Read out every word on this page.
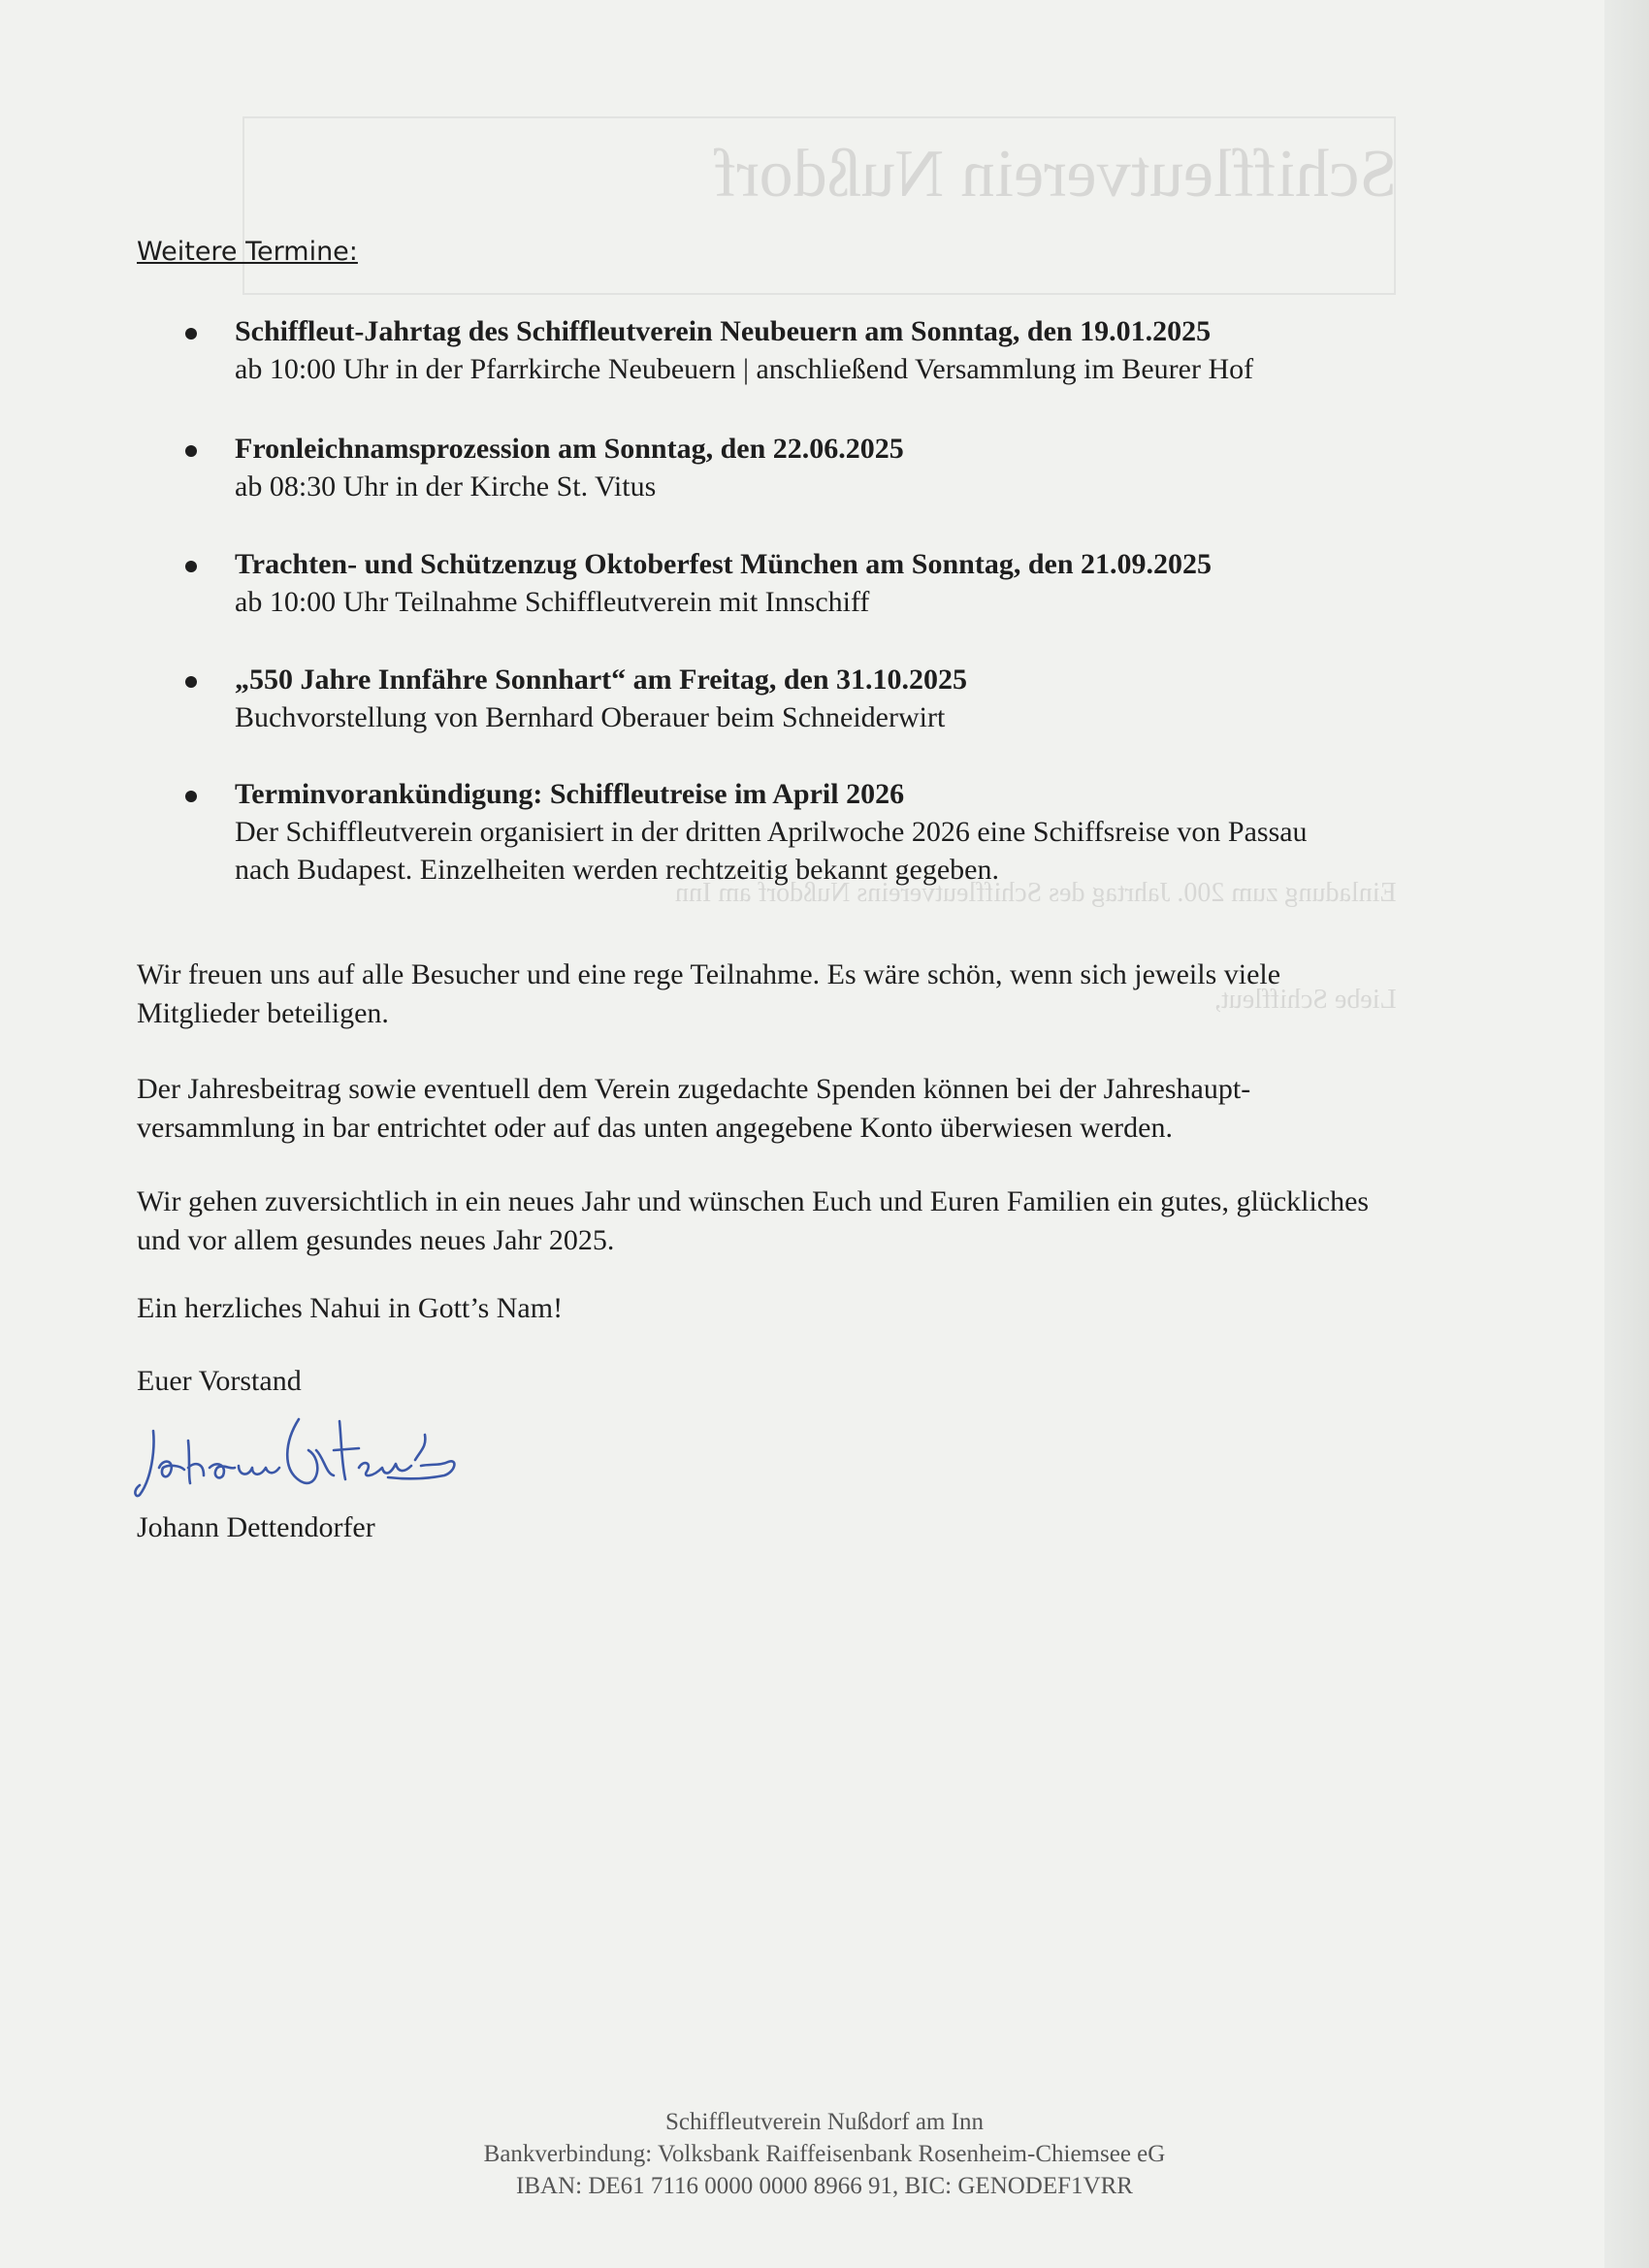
Schiffleutverein Nußdorf
Einladung zum 200. Jahrtag des Schiffleutvereins Nußdorf am Inn
Liebe Schiffleut,
Weitere Termine:
Schiffleut-Jahrtag des Schiffleutverein Neubeuern am Sonntag, den 19.01.2025
ab 10:00 Uhr in der Pfarrkirche Neubeuern | anschließend Versammlung im Beurer Hof
Fronleichnamsprozession am Sonntag, den 22.06.2025
ab 08:30 Uhr in der Kirche St. Vitus
Trachten- und Schützenzug Oktoberfest München am Sonntag, den 21.09.2025
ab 10:00 Uhr Teilnahme Schiffleutverein mit Innschiff
„550 Jahre Innfähre Sonnhart“ am Freitag, den 31.10.2025
Buchvorstellung von Bernhard Oberauer beim Schneiderwirt
Terminvorankündigung: Schiffleutreise im April 2026
Der Schiffleutverein organisiert in der dritten Aprilwoche 2026 eine Schiffsreise von Passau nach Budapest. Einzelheiten werden rechtzeitig bekannt gegeben.
Wir freuen uns auf alle Besucher und eine rege Teilnahme. Es wäre schön, wenn sich jeweils viele Mitglieder beteiligen.
Der Jahresbeitrag sowie eventuell dem Verein zugedachte Spenden können bei der Jahreshaupt-versammlung in bar entrichtet oder auf das unten angegebene Konto überwiesen werden.
Wir gehen zuversichtlich in ein neues Jahr und wünschen Euch und Euren Familien ein gutes, glückliches und vor allem gesundes neues Jahr 2025.
Ein herzliches Nahui in Gott’s Nam!
Euer Vorstand
Johann Dettendorfer
Schiffleutverein Nußdorf am Inn
Bankverbindung: Volksbank Raiffeisenbank Rosenheim-Chiemsee eG
IBAN: DE61 7116 0000 0000 8966 91, BIC: GENODEF1VRR
